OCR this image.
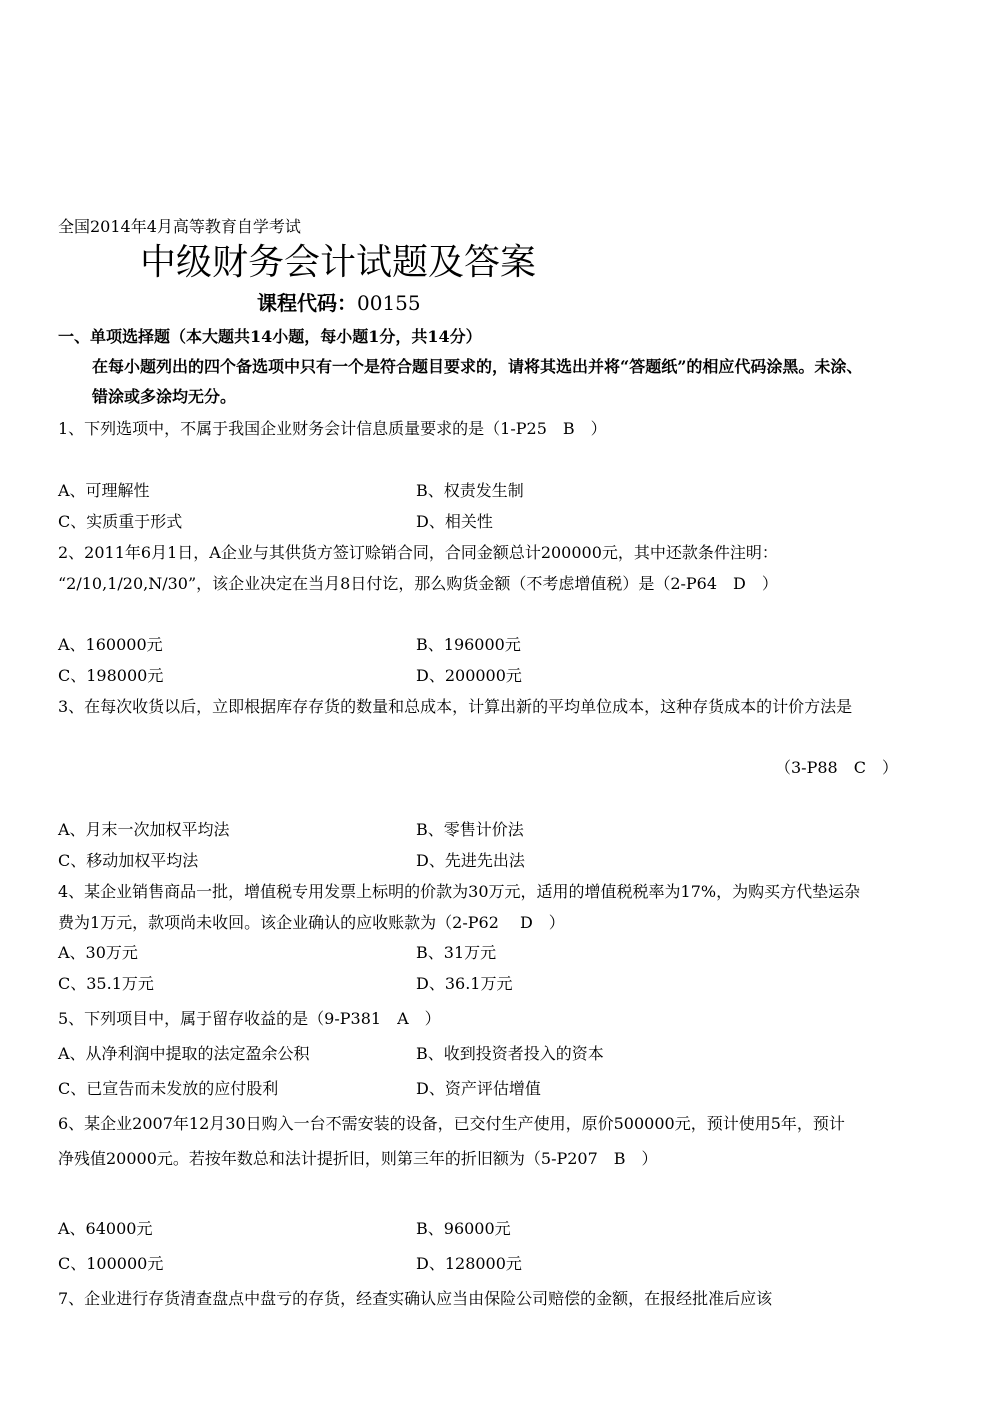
全国2014年4月高等教育自学考试
中级财务会计试题及答案
课程代码：00155
一、单项选择题（本大题共14小题，每小题1分，共14分）
在每小题列出的四个备选项中只有一个是符合题目要求的，请将其选出并将“答题纸”的相应代码涂黑。未涂、
错涂或多涂均无分。
1、下列选项中，不属于我国企业财务会计信息质量要求的是（1-P25　B　）
A、可理解性	B、权责发生制
C、实质重于形式	D、相关性
2、2011年6月1日，A企业与其供货方签订赊销合同，合同金额总计200000元，其中还款条件注明：
“2/10,1/20,N/30”，该企业决定在当月8日付讫，那么购货金额（不考虑增值税）是（2-P64　D　）
A、160000元	B、196000元
C、198000元	D、200000元
3、在每次收货以后，立即根据库存存货的数量和总成本，计算出新的平均单位成本，这种存货成本的计价方法是
（3-P88　C　）
A、月末一次加权平均法	B、零售计价法
C、移动加权平均法	D、先进先出法
4、某企业销售商品一批，增值税专用发票上标明的价款为30万元，适用的增值税税率为17%，为购买方代垫运杂
费为1万元，款项尚未收回。该企业确认的应收账款为（2-P62　 D　）
A、30万元	B、31万元
C、35.1万元	D、36.1万元
5、下列项目中，属于留存收益的是（9-P381　A　）
A、从净利润中提取的法定盈余公积	B、收到投资者投入的资本
C、已宣告而未发放的应付股利	D、资产评估增值
6、某企业2007年12月30日购入一台不需安装的设备，已交付生产使用，原价500000元，预计使用5年，预计
净残值20000元。若按年数总和法计提折旧，则第三年的折旧额为（5-P207　B　）
A、64000元	B、96000元
C、100000元	D、128000元
7、企业进行存货清查盘点中盘亏的存货，经查实确认应当由保险公司赔偿的金额，在报经批准后应该
